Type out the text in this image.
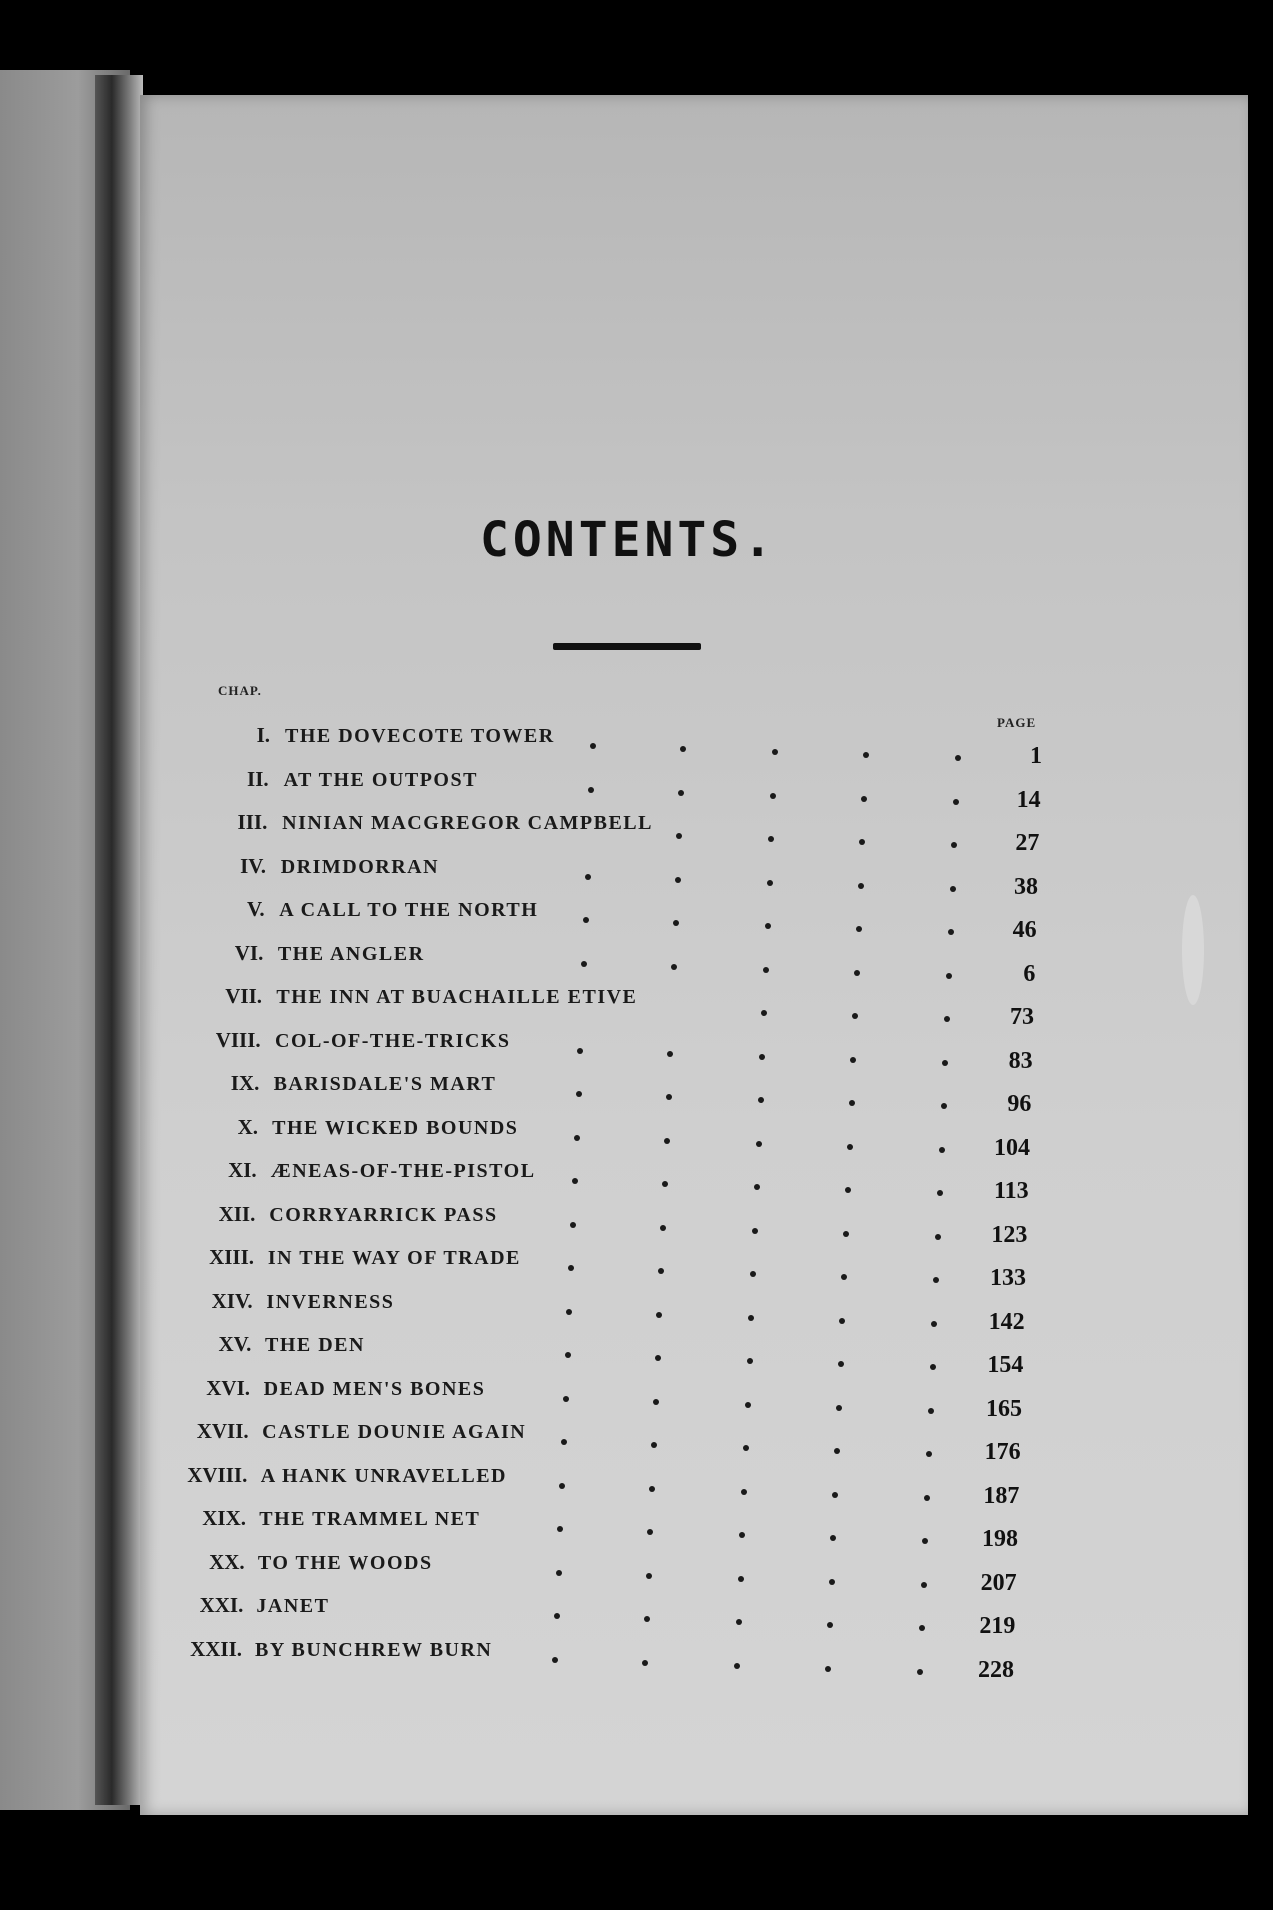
CONTENTS.
CHAP.
PAGE
I. THE DOVECOTE TOWER
1
II. AT THE OUTPOST
14
III. NINIAN MACGREGOR CAMPBELL
27
IV. DRIMDORRAN
38
V. A CALL TO THE NORTH
46
VI. THE ANGLER
6
VII. THE INN AT BUACHAILLE ETIVE
73
VIII. COL-OF-THE-TRICKS
83
IX. BARISDALE'S MART
96
X. THE WICKED BOUNDS
104
XI. ÆNEAS-OF-THE-PISTOL
113
XII. CORRYARRICK PASS
123
XIII. IN THE WAY OF TRADE
133
XIV. INVERNESS
142
XV. THE DEN
154
XVI. DEAD MEN'S BONES
165
XVII. CASTLE DOUNIE AGAIN
176
XVIII. A HANK UNRAVELLED
187
XIX. THE TRAMMEL NET
198
XX. TO THE WOODS
207
XXI. JANET
219
XXII. BY BUNCHREW BURN
228
